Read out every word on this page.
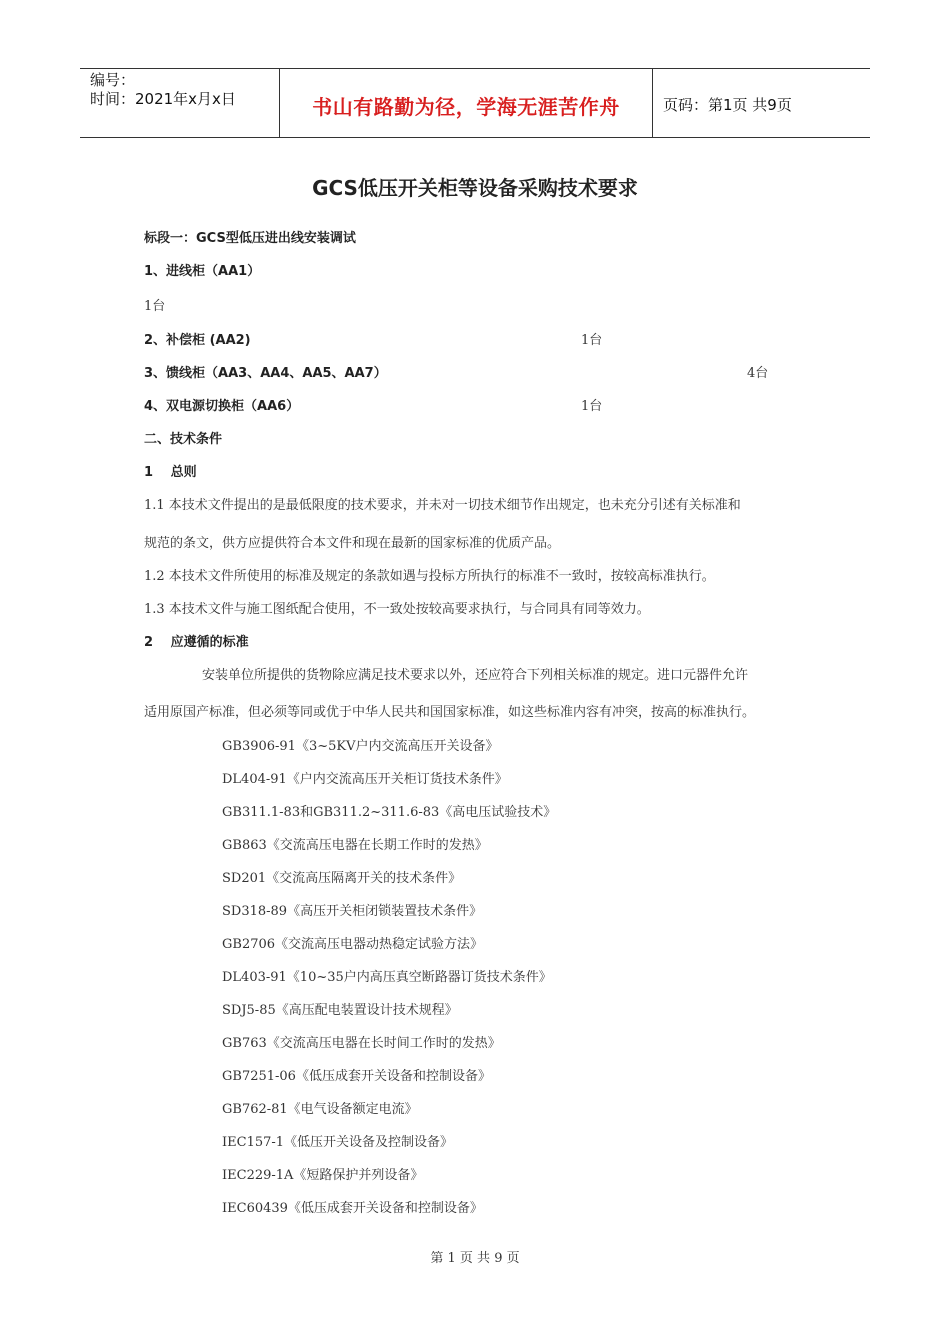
编号：
时间：2021年x月x日	书山有路勤为径，学海无涯苦作舟	页码：第1页 共9页
GCS低压开关柜等设备采购技术要求
标段一：GCS型低压进出线安装调试
1、进线柜（AA1）
1台
2、补偿柜 (AA2)	1台
3、馈线柜（AA3、AA4、AA5、AA7）	4台
4、双电源切换柜（AA6）	1台
二、技术条件
1　 总则
1.1 本技术文件提出的是最低限度的技术要求，并未对一切技术细节作出规定，也未充分引述有关标准和
规范的条文，供方应提供符合本文件和现在最新的国家标准的优质产品。
1.2 本技术文件所使用的标准及规定的条款如遇与投标方所执行的标准不一致时，按较高标准执行。
1.3 本技术文件与施工图纸配合使用，不一致处按较高要求执行，与合同具有同等效力。
2　 应遵循的标准
安装单位所提供的货物除应满足技术要求以外，还应符合下列相关标准的规定。进口元器件允许
适用原国产标准，但必须等同或优于中华人民共和国国家标准，如这些标准内容有冲突，按高的标准执行。
GB3906-91《3~5KV户内交流高压开关设备》
DL404-91《户内交流高压开关柜订货技术条件》
GB311.1-83和GB311.2~311.6-83《高电压试验技术》
GB863《交流高压电器在长期工作时的发热》
SD201《交流高压隔离开关的技术条件》
SD318-89《高压开关柜闭锁装置技术条件》
GB2706《交流高压电器动热稳定试验方法》
DL403-91《10~35户内高压真空断路器订货技术条件》
SDJ5-85《高压配电装置设计技术规程》
GB763《交流高压电器在长时间工作时的发热》
GB7251-06《低压成套开关设备和控制设备》
GB762-81《电气设备额定电流》
IEC157-1《低压开关设备及控制设备》
IEC229-1A《短路保护并列设备》
IEC60439《低压成套开关设备和控制设备》
第 1 页 共 9 页
